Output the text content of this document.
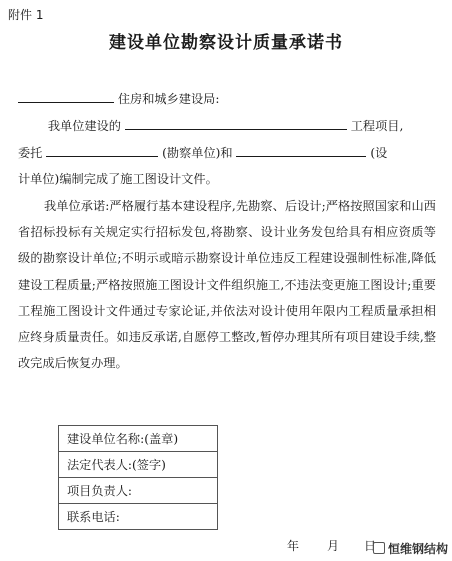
附件 1
建设单位勘察设计质量承诺书
住房和城乡建设局:
我单位建设的	工程项目,
委托	(勘察单位)和	(设
计单位)编制完成了施工图设计文件。
我单位承诺:严格履行基本建设程序,先勘察、后设计;严格按照国家和山西省招标投标有关规定实行招标发包,将勘察、设计业务发包给具有相应资质等级的勘察设计单位;不明示或暗示勘察设计单位违反工程建设强制性标准,降低建设工程质量;严格按照施工图设计文件组织施工,不违法变更施工图设计;重要工程施工图设计文件通过专家论证,并依法对设计使用年限内工程质量承担相应终身质量责任。如违反承诺,自愿停工整改,暂停办理其所有项目建设手续,整改完成后恢复办理。
建设单位名称:(盖章)
法定代表人:(签字)
项目负责人:
联系电话:
年 月 日 恒维钢结构
